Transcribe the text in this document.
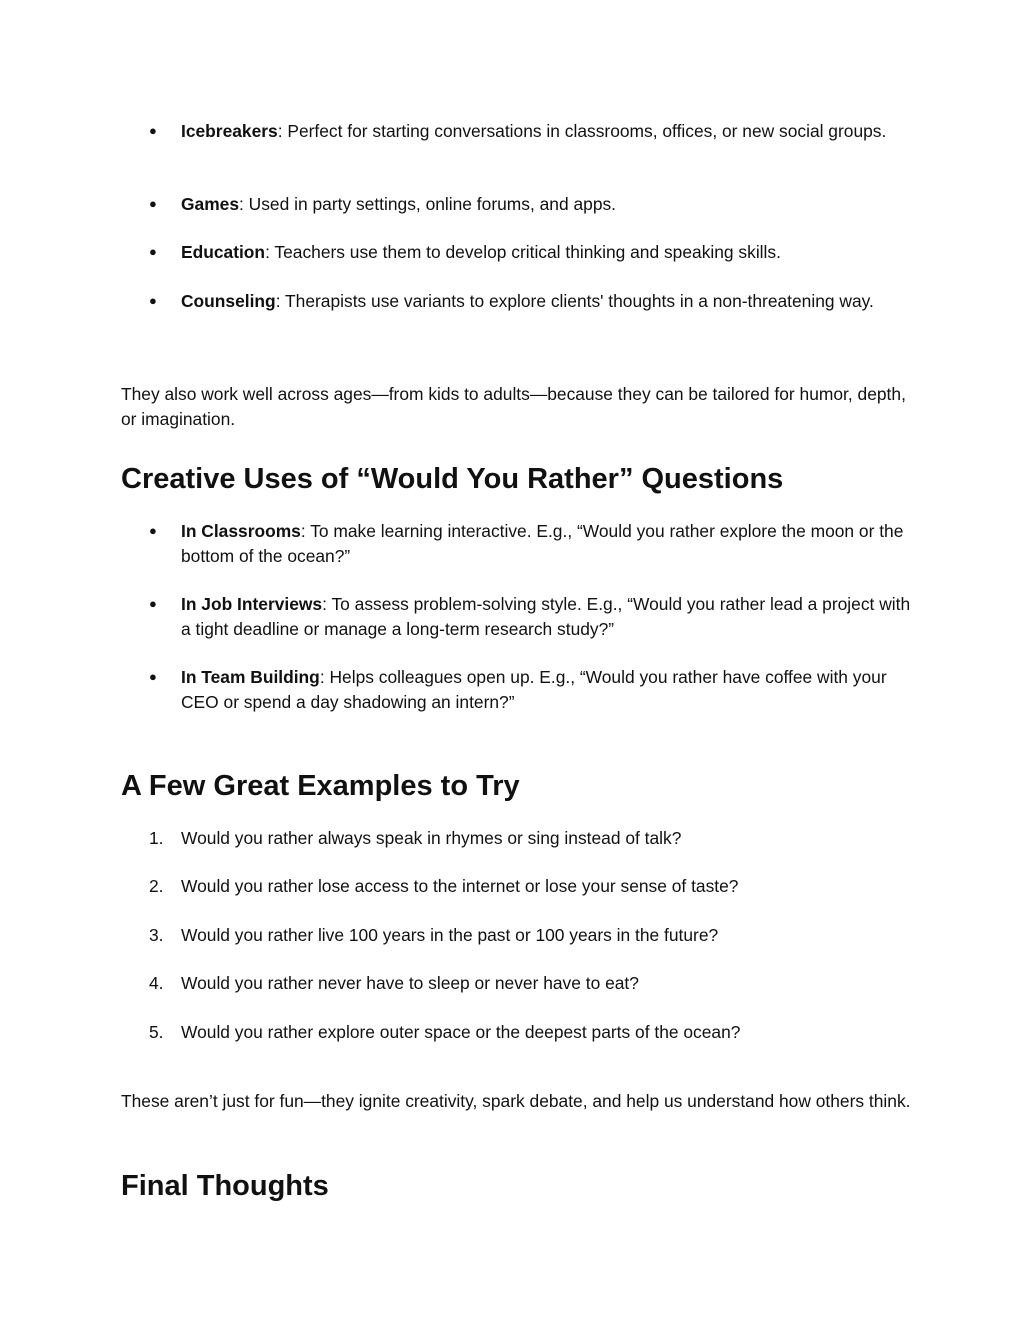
●	Icebreakers: Perfect for starting conversations in classrooms, offices, or new social groups.
●	Games: Used in party settings, online forums, and apps.
●	Education: Teachers use them to develop critical thinking and speaking skills.
●	Counseling: Therapists use variants to explore clients' thoughts in a non-threatening way.
They also work well across ages—from kids to adults—because they can be tailored for humor, depth, or imagination.
Creative Uses of “Would You Rather” Questions
●	In Classrooms: To make learning interactive. E.g., “Would you rather explore the moon or the bottom of the ocean?”
●	In Job Interviews: To assess problem-solving style. E.g., “Would you rather lead a project with a tight deadline or manage a long-term research study?”
●	In Team Building: Helps colleagues open up. E.g., “Would you rather have coffee with your CEO or spend a day shadowing an intern?”
A Few Great Examples to Try
1.	Would you rather always speak in rhymes or sing instead of talk?
2.	Would you rather lose access to the internet or lose your sense of taste?
3.	Would you rather live 100 years in the past or 100 years in the future?
4.	Would you rather never have to sleep or never have to eat?
5.	Would you rather explore outer space or the deepest parts of the ocean?
These aren’t just for fun—they ignite creativity, spark debate, and help us understand how others think.
Final Thoughts
